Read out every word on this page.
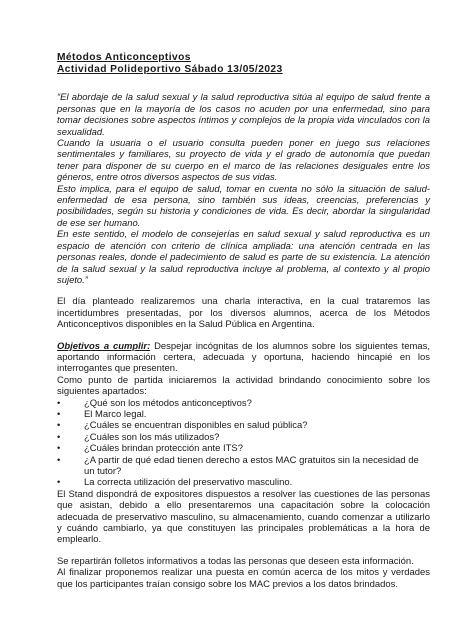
Métodos Anticonceptivos
Actividad Polideportivo Sábado 13/05/2023

“El abordaje de la salud sexual y la salud reproductiva sitúa al equipo de salud frente a personas que en la mayoría de los casos no acuden por una enfermedad, sino para tomar decisiones sobre aspectos íntimos y complejos de la propia vida vinculados con la sexualidad.

Cuando la usuaria o el usuario consulta pueden poner en juego sus relaciones sentimentales y familiares, su proyecto de vida y el grado de autonomía que puedan tener para disponer de su cuerpo en el marco de las relaciones desiguales entre los géneros, entre otros diversos aspectos de sus vidas.

Esto implica, para el equipo de salud, tomar en cuenta no sólo la situación de salud-enfermedad de esa persona, sino también sus ideas, creencias, preferencias y posibilidades, según su historia y condiciones de vida. Es decir, abordar la singularidad de ese ser humano.

En este sentido, el modelo de consejerías en salud sexual y salud reproductiva es un espacio de atención con criterio de clínica ampliada: una atención centrada en las personas reales, donde el padecimiento de salud es parte de su existencia. La atención de la salud sexual y la salud reproductiva incluye al problema, al contexto y al propio sujeto.”

El día planteado realizaremos una charla interactiva, en la cual trataremos las incertidumbres presentadas, por los diversos alumnos, acerca de los Métodos Anticonceptivos disponibles en la Salud Pública en Argentina.

Objetivos a cumplir: Despejar incógnitas de los alumnos sobre los siguientes temas, aportando información certera, adecuada y oportuna, haciendo hincapié en los interrogantes que presenten.

Como punto de partida iniciaremos la actividad brindando conocimiento sobre los siguientes apartados:

•	¿Qué son los métodos anticonceptivos?
•	El Marco legal.
•	¿Cuáles se encuentran disponibles en salud pública?
•	¿Cuáles son los más utilizados?
•	¿Cuáles brindan protección ante ITS?
•	¿A partir de qué edad tienen derecho a estos MAC gratuitos sin la necesidad de un tutor?
•	La correcta utilización del preservativo masculino.

El Stand dispondrá de expositores dispuestos a resolver las cuestiones de las personas que asistan, debido a ello presentaremos una capacitación sobre la colocación adecuada de preservativo masculino, su almacenamiento, cuando comenzar a utilizarlo y cuándo cambiarlo, ya que constituyen las principales problemáticas a la hora de emplearlo.

Se repartirán folletos informativos a todas las personas que deseen esta información.

Al finalizar proponemos realizar una puesta en común acerca de los mitos y verdades que los participantes traían consigo sobre los MAC previos a los datos brindados.
